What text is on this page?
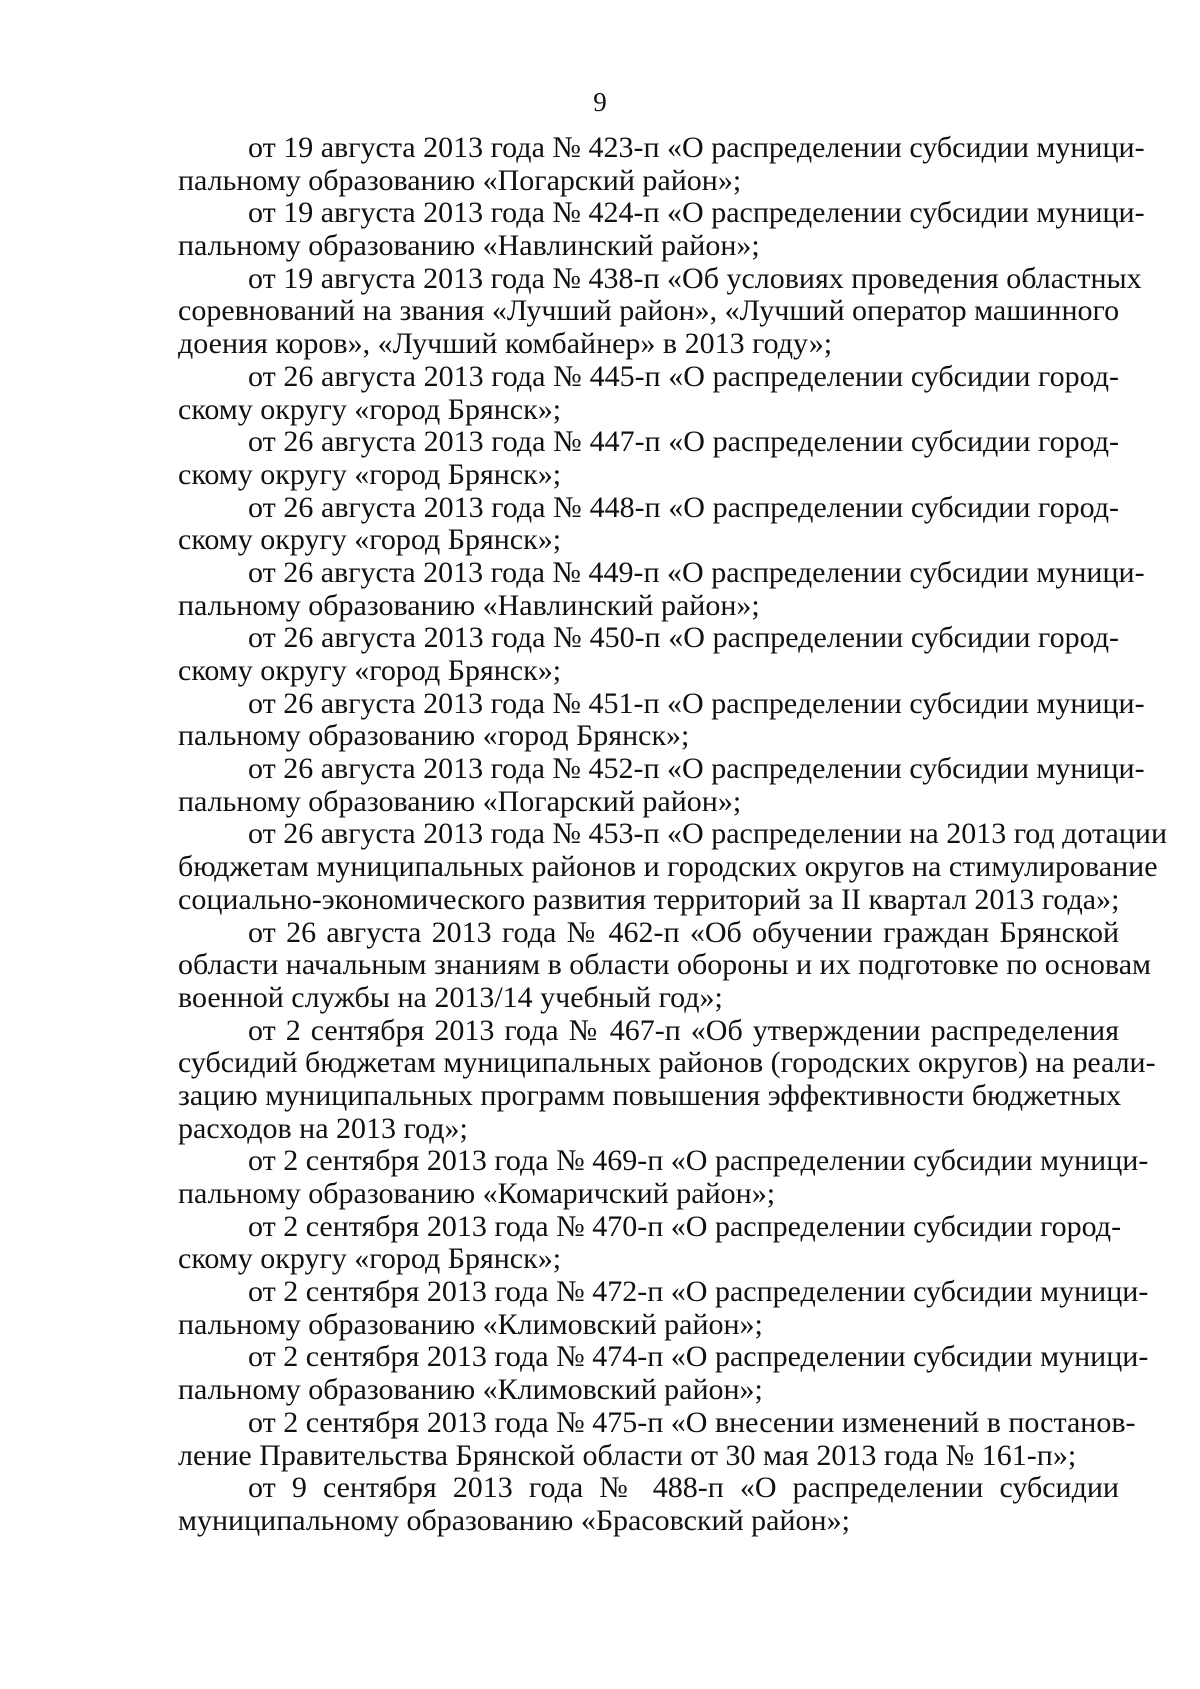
9
от 19 августа 2013 года № 423-п «О распределении субсидии муници-
пальному образованию «Погарский район»;
от 19 августа 2013 года № 424-п «О распределении субсидии муници-
пальному образованию «Навлинский район»;
от 19 августа 2013 года № 438-п «Об условиях проведения областных
соревнований на звания «Лучший район», «Лучший оператор машинного
доения коров», «Лучший комбайнер» в 2013 году»;
от 26 августа 2013 года № 445-п «О распределении субсидии город-
скому округу «город Брянск»;
от 26 августа 2013 года № 447-п «О распределении субсидии город-
скому округу «город Брянск»;
от 26 августа 2013 года № 448-п «О распределении субсидии город-
скому округу «город Брянск»;
от 26 августа 2013 года № 449-п «О распределении субсидии муници-
пальному образованию «Навлинский район»;
от 26 августа 2013 года № 450-п «О распределении субсидии город-
скому округу «город Брянск»;
от 26 августа 2013 года № 451-п «О распределении субсидии муници-
пальному образованию «город Брянск»;
от 26 августа 2013 года № 452-п «О распределении субсидии муници-
пальному образованию «Погарский район»;
от 26 августа 2013 года № 453-п «О распределении на 2013 год дотации
бюджетам муниципальных районов и городских округов на стимулирование
социально-экономического развития территорий за II квартал 2013 года»;
от 26 августа 2013 года № 462-п «Об обучении граждан Брянской
области начальным знаниям в области обороны и их подготовке по основам
военной службы на 2013/14 учебный год»;
от 2 сентября 2013 года № 467-п «Об утверждении распределения
субсидий бюджетам муниципальных районов (городских округов) на реали-
зацию муниципальных программ повышения эффективности бюджетных
расходов на 2013 год»;
от 2 сентября 2013 года № 469-п «О распределении субсидии муници-
пальному образованию «Комаричский район»;
от 2 сентября 2013 года № 470-п «О распределении субсидии город-
скому округу «город Брянск»;
от 2 сентября 2013 года № 472-п «О распределении субсидии муници-
пальному образованию «Климовский район»;
от 2 сентября 2013 года № 474-п «О распределении субсидии муници-
пальному образованию «Климовский район»;
от 2 сентября 2013 года № 475-п «О внесении изменений в постанов-
ление Правительства Брянской области от 30 мая 2013 года № 161-п»;
от 9 сентября 2013 года № 488-п «О распределении субсидии
муниципальному образованию «Брасовский район»;
